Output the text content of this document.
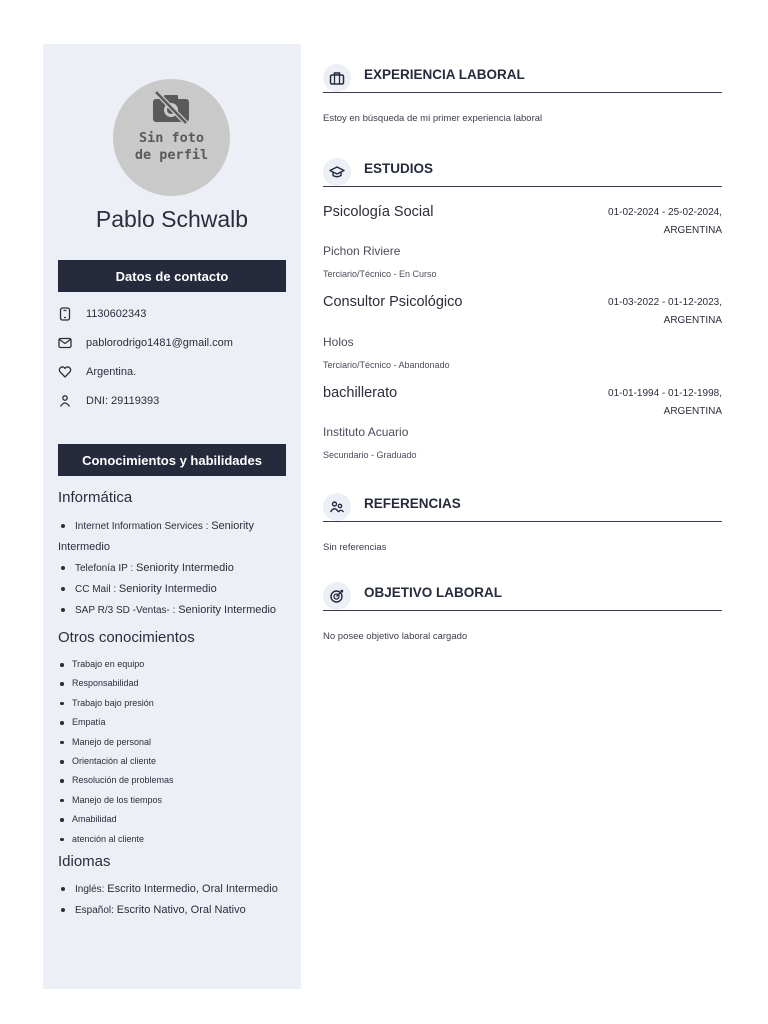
Sin foto
de perfil
Pablo Schwalb
Datos de contacto
1130602343
pablorodrigo1481@gmail.com
Argentina.
DNI: 29119393
Conocimientos y habilidades
Informática
Internet Information Services : Seniority Intermedio
Telefonía IP : Seniority Intermedio
CC Mail : Seniority Intermedio
SAP R/3 SD -Ventas- : Seniority Intermedio
Otros conocimientos
Trabajo en equipo
Responsabilidad
Trabajo bajo presión
Empatía
Manejo de personal
Orientación al cliente
Resolución de problemas
Manejo de los tiempos
Amabilidad
atención al cliente
Idiomas
Inglés: Escrito Intermedio, Oral Intermedio
Español: Escrito Nativo, Oral Nativo
EXPERIENCIA LABORAL
Estoy en búsqueda de mi primer experiencia laboral
ESTUDIOS
Psicología Social	01-02-2024 - 25-02-2024,
ARGENTINA
Pichon Riviere
Terciario/Técnico - En Curso
Consultor Psicológico	01-03-2022 - 01-12-2023,
ARGENTINA
Holos
Terciario/Técnico - Abandonado
bachillerato	01-01-1994 - 01-12-1998,
ARGENTINA
Instituto Acuario
Secundario - Graduado
REFERENCIAS
Sin referencias
OBJETIVO LABORAL
No posee objetivo laboral cargado
